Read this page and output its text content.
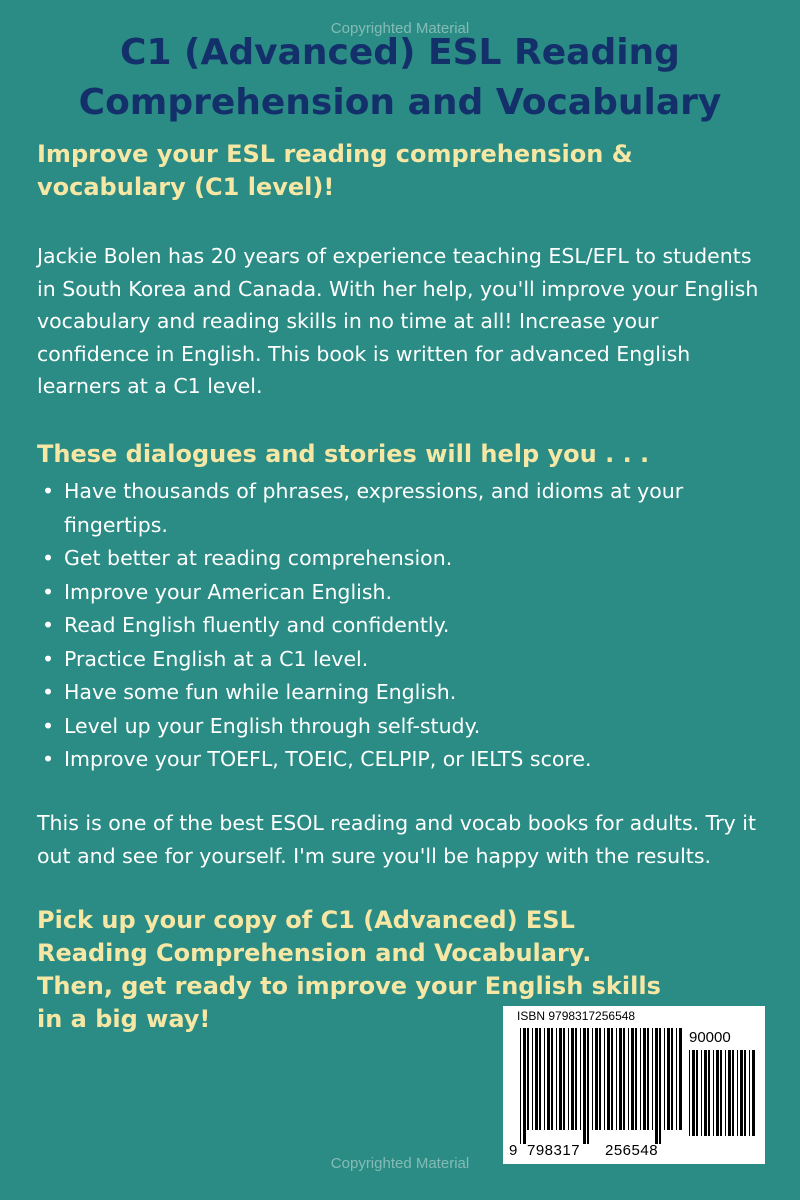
Copyrighted Material
C1 (Advanced) ESL Reading
Comprehension and Vocabulary

Improve your ESL reading comprehension & vocabulary (C1 level)!

Jackie Bolen has 20 years of experience teaching ESL/EFL to students in South Korea and Canada. With her help, you'll improve your English vocabulary and reading skills in no time at all! Increase your confidence in English. This book is written for advanced English learners at a C1 level.

These dialogues and stories will help you . . .

• Have thousands of phrases, expressions, and idioms at your fingertips.
• Get better at reading comprehension.
• Improve your American English.
• Read English fluently and confidently.
• Practice English at a C1 level.
• Have some fun while learning English.
• Level up your English through self-study.
• Improve your TOEFL, TOEIC, CELPIP, or IELTS score.

This is one of the best ESOL reading and vocab books for adults. Try it out and see for yourself. I'm sure you'll be happy with the results.

Pick up your copy of C1 (Advanced) ESL Reading Comprehension and Vocabulary. Then, get ready to improve your English skills in a big way!	ISBN 9798317256548
90000
9 798317 256548
Copyrighted Material
